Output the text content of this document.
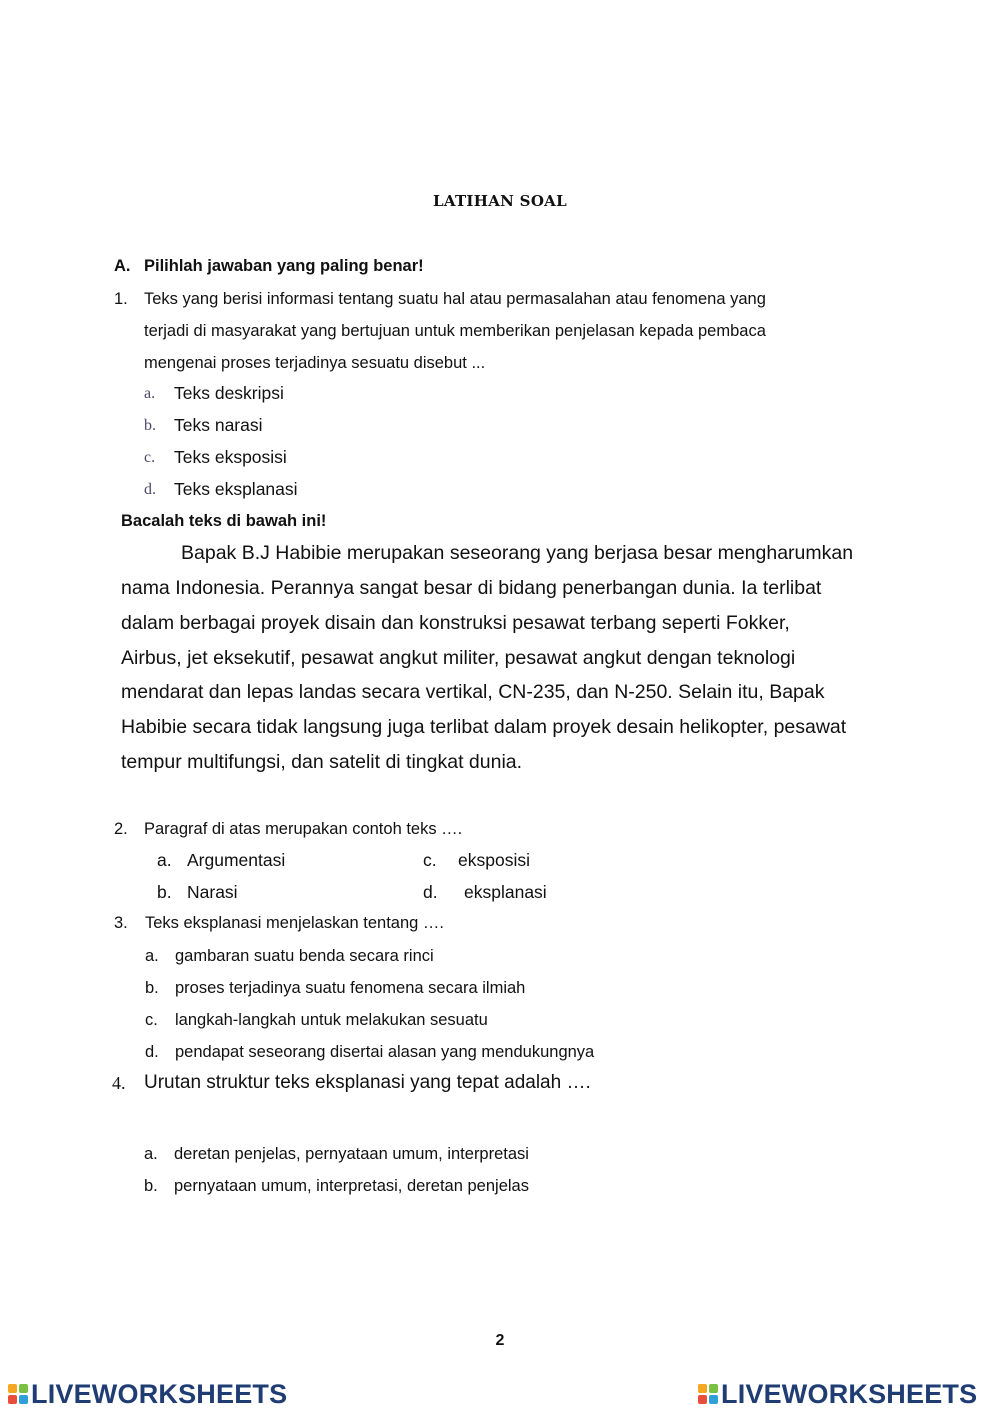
LATIHAN SOAL
A. Pilihlah jawaban yang paling benar!
1. Teks yang berisi informasi tentang suatu hal atau permasalahan atau fenomena yang
terjadi di masyarakat yang bertujuan untuk memberikan penjelasan kepada pembaca
mengenai proses terjadinya sesuatu disebut ...
a. Teks deskripsi
b. Teks narasi
c. Teks eksposisi
d. Teks eksplanasi
Bacalah teks di bawah ini!
Bapak B.J Habibie merupakan seseorang yang berjasa besar mengharumkan
nama Indonesia. Perannya sangat besar di bidang penerbangan dunia. Ia terlibat
dalam berbagai proyek disain dan konstruksi pesawat terbang seperti Fokker,
Airbus, jet eksekutif, pesawat angkut militer, pesawat angkut dengan teknologi
mendarat dan lepas landas secara vertikal, CN-235, dan N-250. Selain itu, Bapak
Habibie secara tidak langsung juga terlibat dalam proyek desain helikopter, pesawat
tempur multifungsi, dan satelit di tingkat dunia.
2. Paragraf di atas merupakan contoh teks ….
a. Argumentasi	c. eksposisi
b. Narasi	d. eksplanasi
3. Teks eksplanasi menjelaskan tentang ….
a. gambaran suatu benda secara rinci
b. proses terjadinya suatu fenomena secara ilmiah
c. langkah-langkah untuk melakukan sesuatu
d. pendapat seseorang disertai alasan yang mendukungnya
4. Urutan struktur teks eksplanasi yang tepat adalah ….
a. deretan penjelas, pernyataan umum, interpretasi
b. pernyataan umum, interpretasi, deretan penjelas
2
LIVEWORKSHEETS	LIVEWORKSHEETS
